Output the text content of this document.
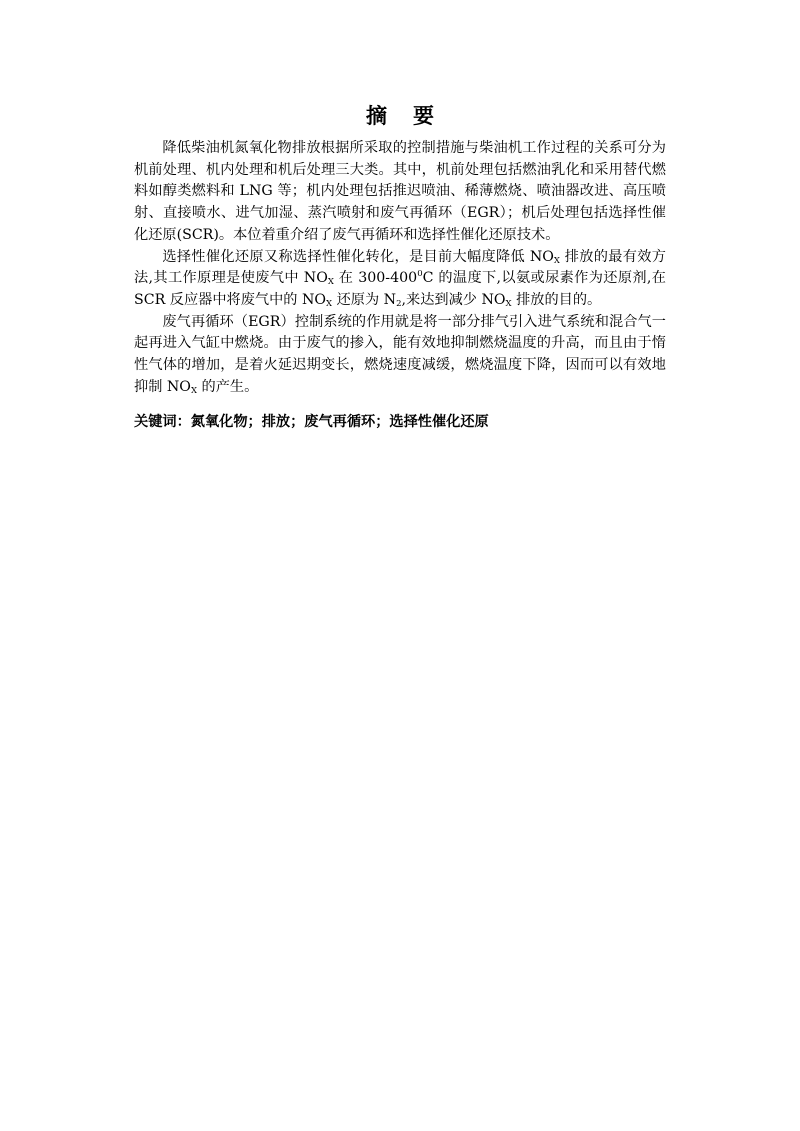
摘 要

降低柴油机氮氧化物排放根据所采取的控制措施与柴油机工作过程的关系可分为机前处理、机内处理和机后处理三大类。其中，机前处理包括燃油乳化和采用替代燃料如醇类燃料和 LNG 等；机内处理包括推迟喷油、稀薄燃烧、喷油器改进、高压喷射、直接喷水、进气加湿、蒸汽喷射和废气再循环（EGR）；机后处理包括选择性催化还原(SCR)。本位着重介绍了废气再循环和选择性催化还原技术。

选择性催化还原又称选择性催化转化，是目前大幅度降低 $NO_X$ 排放的最有效方法,其工作原理是使废气中 $NO_X$ 在 $300-400^0C$ 的温度下,以氨或尿素作为还原剂,在 SCR 反应器中将废气中的 $NO_X$ 还原为 $N_2$,来达到减少 $NO_X$ 排放的目的。

废气再循环（EGR）控制系统的作用就是将一部分排气引入进气系统和混合气一起再进入气缸中燃烧。由于废气的掺入，能有效地抑制燃烧温度的升高，而且由于惰性气体的增加，是着火延迟期变长，燃烧速度减缓，燃烧温度下降，因而可以有效地抑制 $NO_X$ 的产生。

关键词：氮氧化物；排放；废气再循环；选择性催化还原
